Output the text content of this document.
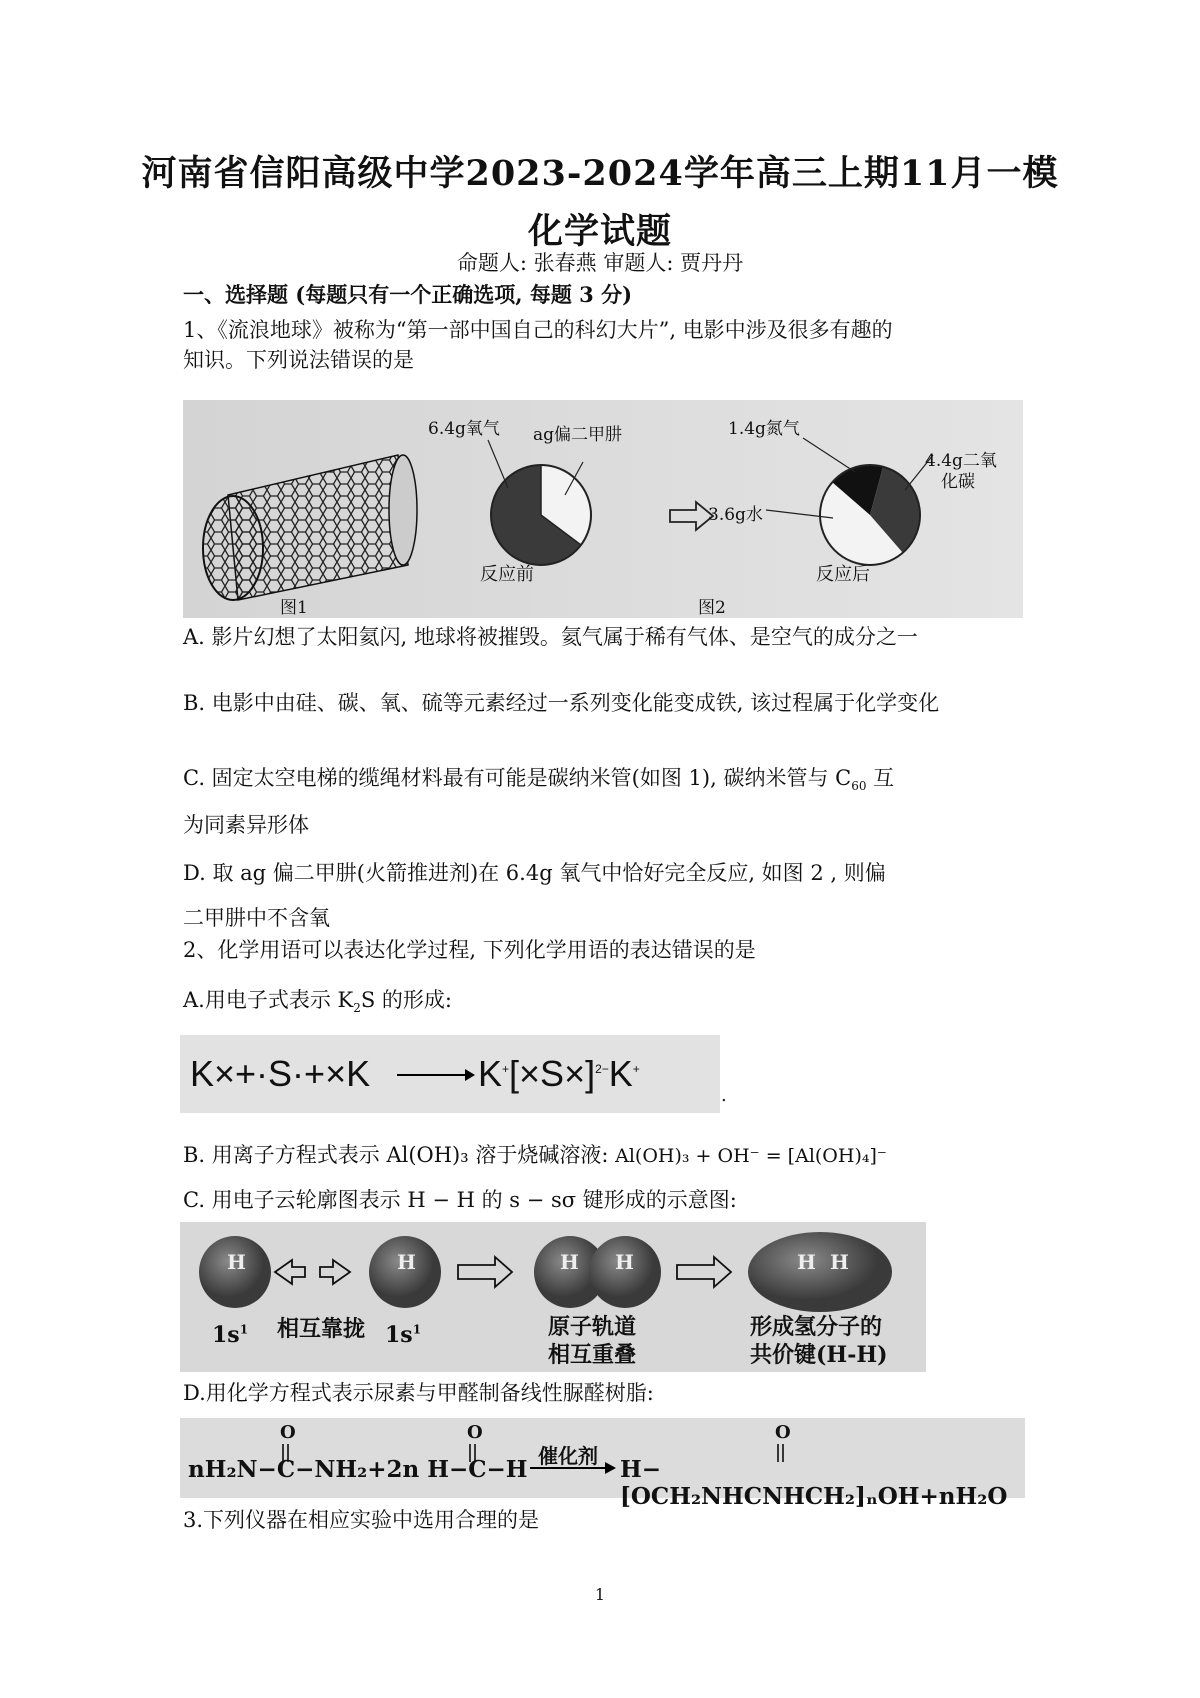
河南省信阳高级中学2023-2024学年高三上期11月一模
化学试题
命题人: 张春燕 审题人: 贾丹丹
一、选择题 (每题只有一个正确选项, 每题 3 分)
1、《流浪地球》被称为“第一部中国自己的科幻大片”, 电影中涉及很多有趣的
知识。下列说法错误的是
6.4g氧气 ag偏二甲肼
反应前
1.4g氮气
4.4g二氧
化碳
3.6g水
反应后
图1	图2
A. 影片幻想了太阳氦闪, 地球将被摧毁。氦气属于稀有气体、是空气的成分之一
B. 电影中由硅、碳、氧、硫等元素经过一系列变化能变成铁, 该过程属于化学变化
C. 固定太空电梯的缆绳材料最有可能是碳纳米管(如图 1), 碳纳米管与 $C_{60}$ 互
为同素异形体
D. 取 ag 偏二甲肼(火箭推进剂)在 6.4g 氧气中恰好完全反应, 如图 2 , 则偏
二甲肼中不含氧
2、化学用语可以表达化学过程, 下列化学用语的表达错误的是
A.用电子式表示 $K_2S$ 的形成:
K×+·S·+×K	$K^+[\times S\times]^{2-}K^+$
.
B. 用离子方程式表示 Al(OH)₃ 溶于烧碱溶液: Al(OH)₃ + OH⁻ = [Al(OH)₄]⁻
C. 用电子云轮廓图表示 H − H 的 s − sσ 键形成的示意图:
H	H	H H	H H
$1s^1$ 相互靠拢 $1s^1$	原子轨道
相互重叠
形成氢分子的
共价键(H-H)
D.用化学方程式表示尿素与甲醛制备线性脲醛树脂:
O	O	O
nH₂N−C−NH₂+2n H−C−H 催化剂 H−[OCH₂NHCNHCH₂]ₙOH+nH₂O
3.下列仪器在相应实验中选用合理的是
1
